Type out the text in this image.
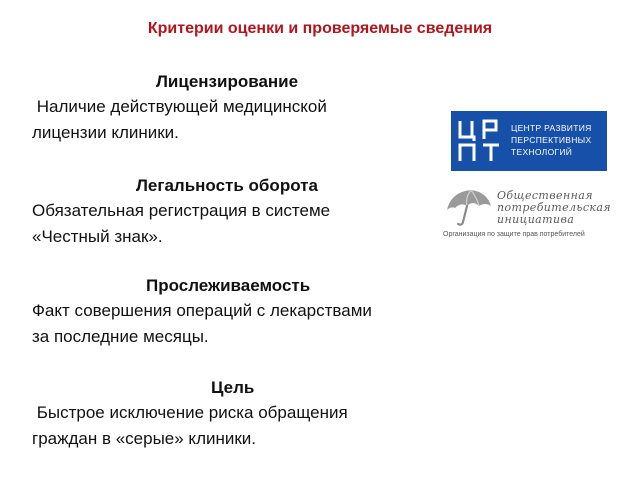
Критерии оценки и проверяемые сведения
Лицензирование
Наличие действующей медицинской
лицензии клиники.
Легальность оборота
Обязательная регистрация в системе
«Честный знак».
Прослеживаемость
Факт совершения операций с лекарствами
за последние месяцы.
Цель
Быстрое исключение риска обращения
граждан в «серые» клиники.
ЦЕНТР РАЗВИТИЯ
ПЕРСПЕКТИВНЫХ
ТЕХНОЛОГИЙ
Общественная
потребительская
инициатива
Организация по защите прав потребителей
